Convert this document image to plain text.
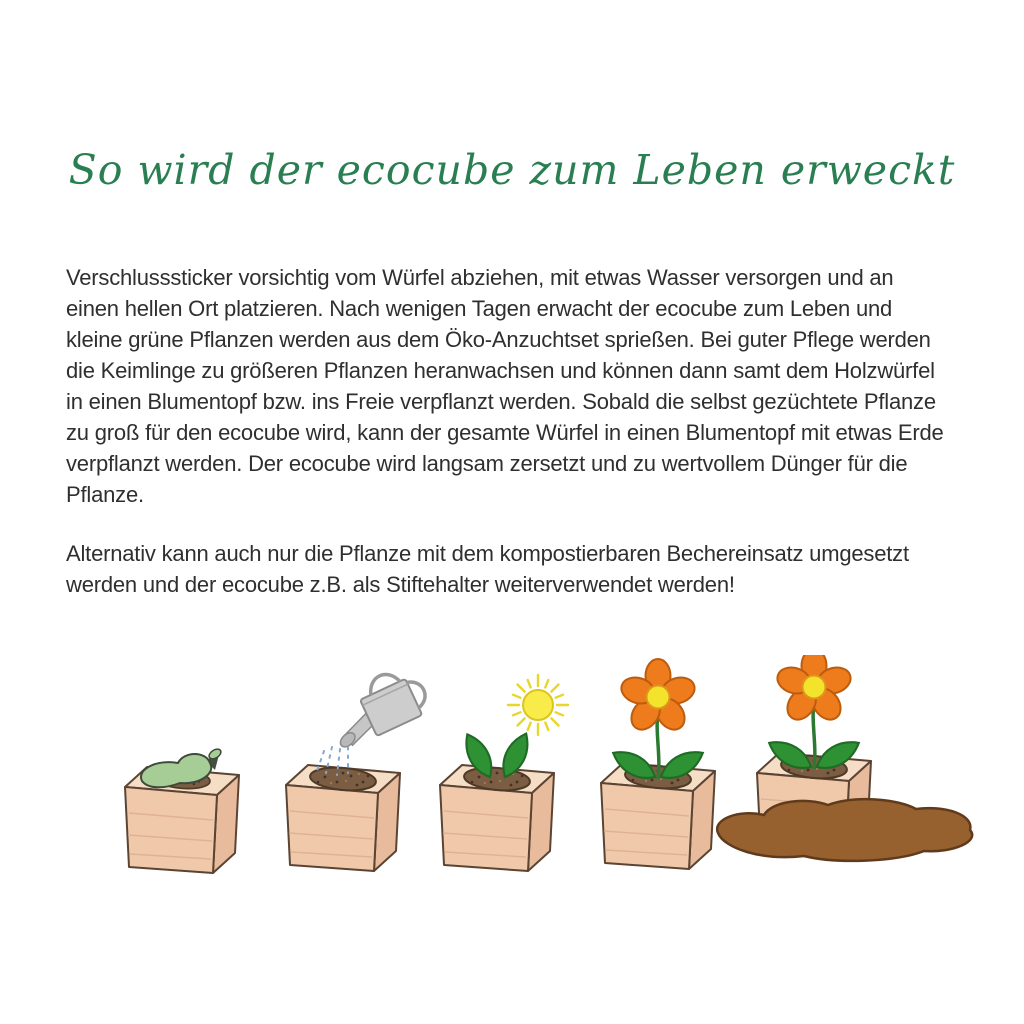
So wird der ecocube zum Leben erweckt

Verschlusssticker vorsichtig vom Würfel abziehen, mit etwas Wasser versorgen und an einen hellen Ort platzieren. Nach wenigen Tagen erwacht der ecocube zum Leben und kleine grüne Pflanzen werden aus dem Öko-Anzuchtset sprießen. Bei guter Pflege werden die Keimlinge zu größeren Pflanzen heranwachsen und können dann samt dem Holzwürfel in einen Blumentopf bzw. ins Freie verpflanzt werden. Sobald die selbst gezüchtete Pflanze zu groß für den ecocube wird, kann der gesamte Würfel in einen Blumentopf mit etwas Erde verpflanzt werden. Der ecocube wird langsam zersetzt und zu wertvollem Dünger für die Pflanze.

Alternativ kann auch nur die Pflanze mit dem kompostierbaren Bechereinsatz umgesetzt werden und der ecocube z.B. als Stiftehalter weiterverwendet werden!
